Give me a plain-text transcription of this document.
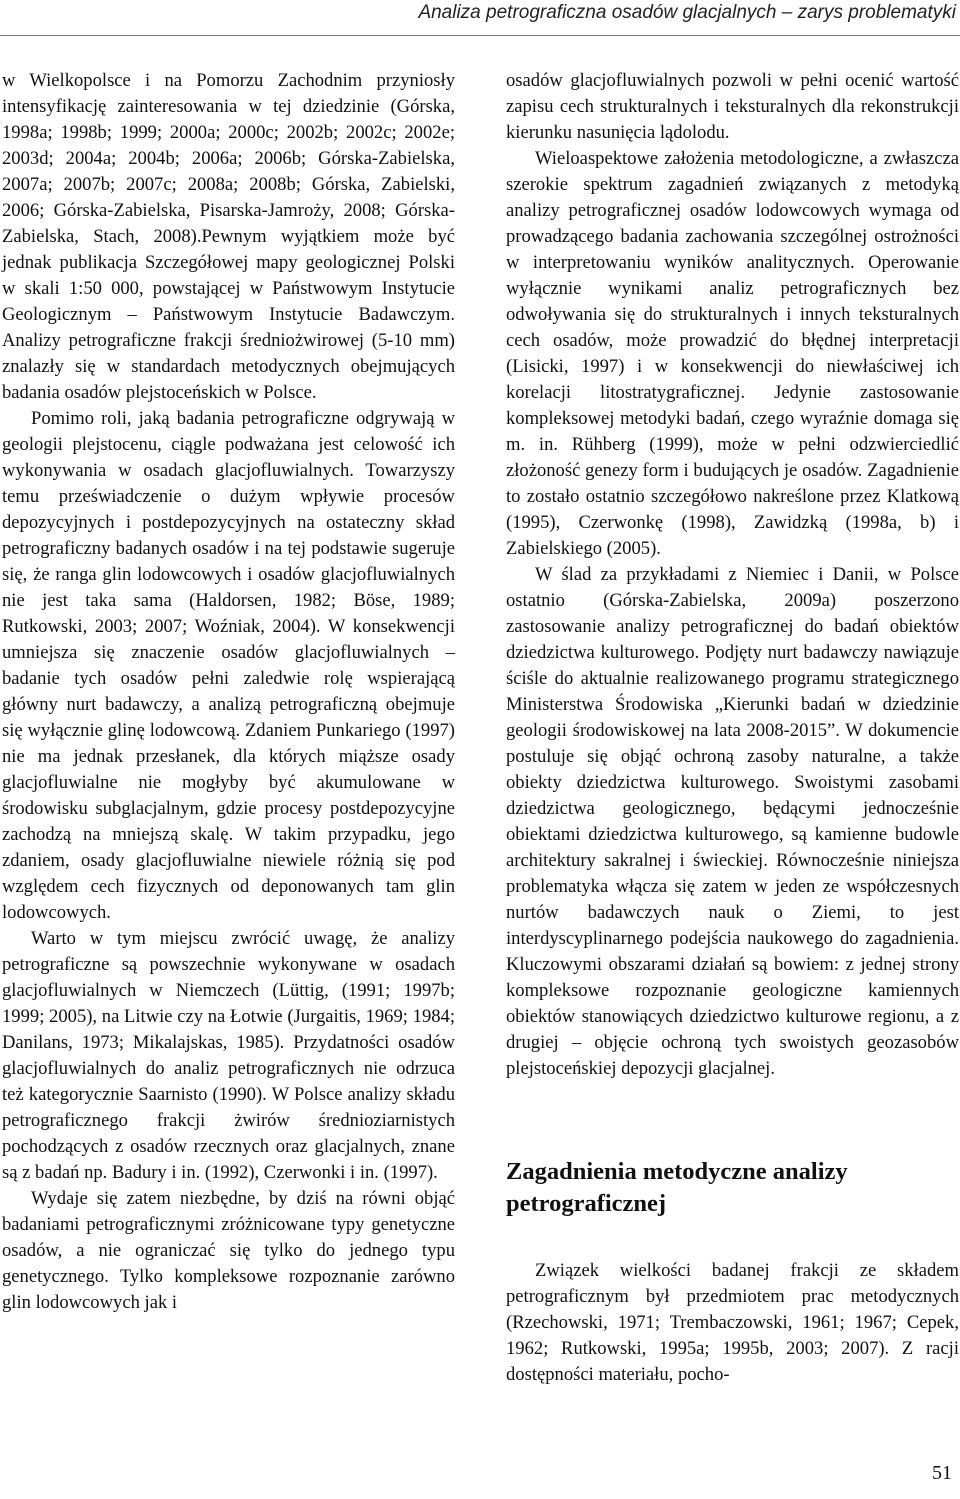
Analiza petrograficzna osadów glacjalnych – zarys problematyki

w Wielkopolsce i na Pomorzu Zachodnim przyniosły intensyfikację zainteresowania w tej dziedzinie (Górska, 1998a; 1998b; 1999; 2000a; 2000c; 2002b; 2002c; 2002e; 2003d; 2004a; 2004b; 2006a; 2006b; Górska-Zabielska, 2007a; 2007b; 2007c; 2008a; 2008b; Górska, Zabielski, 2006; Górska-Zabielska, Pisarska-Jamroży, 2008; Górska-Zabielska, Stach, 2008).Pewnym wyjątkiem może być jednak publikacja Szczegółowej mapy geologicznej Polski w skali 1:50 000, powstającej w Państwowym Instytucie Geologicznym – Państwowym Instytucie Badawczym. Analizy petrograficzne frakcji średniożwirowej (5-10 mm) znalazły się w standardach metodycznych obejmujących badania osadów plejstoceńskich w Polsce.

Pomimo roli, jaką badania petrograficzne odgrywają w geologii plejstocenu, ciągle podważana jest celowość ich wykonywania w osadach glacjofluwialnych. Towarzyszy temu przeświadczenie o dużym wpływie procesów depozycyjnych i postdepozycyjnych na ostateczny skład petrograficzny badanych osadów i na tej podstawie sugeruje się, że ranga glin lodowcowych i osadów glacjofluwialnych nie jest taka sama (Haldorsen, 1982; Böse, 1989; Rutkowski, 2003; 2007; Woźniak, 2004). W konsekwencji umniejsza się znaczenie osadów glacjofluwialnych – badanie tych osadów pełni zaledwie rolę wspierającą główny nurt badawczy, a analizą petrograficzną obejmuje się wyłącznie glinę lodowcową. Zdaniem Punkariego (1997) nie ma jednak przesłanek, dla których miąższe osady glacjofluwialne nie mogłyby być akumulowane w środowisku subglacjalnym, gdzie procesy postdepozycyjne zachodzą na mniejszą skalę. W takim przypadku, jego zdaniem, osady glacjofluwialne niewiele różnią się pod względem cech fizycznych od deponowanych tam glin lodowcowych.

Warto w tym miejscu zwrócić uwagę, że analizy petrograficzne są powszechnie wykonywane w osadach glacjofluwialnych w Niemczech (Lüttig, (1991; 1997b; 1999; 2005), na Litwie czy na Łotwie (Jurgaitis, 1969; 1984; Danilans, 1973; Mikalajskas, 1985). Przydatności osadów glacjofluwialnych do analiz petrograficznych nie odrzuca też kategorycznie Saarnisto (1990). W Polsce analizy składu petrograficznego frakcji żwirów średnioziarnistych pochodzących z osadów rzecznych oraz glacjalnych, znane są z badań np. Badury i in. (1992), Czerwonki i in. (1997).

Wydaje się zatem niezbędne, by dziś na równi objąć badaniami petrograficznymi zróżnicowane typy genetyczne osadów, a nie ograniczać się tylko do jednego typu genetycznego. Tylko kompleksowe rozpoznanie zarówno glin lodowcowych jak i

osadów glacjofluwialnych pozwoli w pełni ocenić wartość zapisu cech strukturalnych i teksturalnych dla rekonstrukcji kierunku nasunięcia lądolodu.

Wieloaspektowe założenia metodologiczne, a zwłaszcza szerokie spektrum zagadnień związanych z metodyką analizy petrograficznej osadów lodowcowych wymaga od prowadzącego badania zachowania szczególnej ostrożności w interpretowaniu wyników analitycznych. Operowanie wyłącznie wynikami analiz petrograficznych bez odwoływania się do strukturalnych i innych teksturalnych cech osadów, może prowadzić do błędnej interpretacji (Lisicki, 1997) i w konsekwencji do niewłaściwej ich korelacji litostratygraficznej. Jedynie zastosowanie kompleksowej metodyki badań, czego wyraźnie domaga się m. in. Rühberg (1999), może w pełni odzwierciedlić złożoność genezy form i budujących je osadów. Zagadnienie to zostało ostatnio szczegółowo nakreślone przez Klatkową (1995), Czerwonkę (1998), Zawidzką (1998a, b) i Zabielskiego (2005).

W ślad za przykładami z Niemiec i Danii, w Polsce ostatnio (Górska-Zabielska, 2009a) poszerzono zastosowanie analizy petrograficznej do badań obiektów dziedzictwa kulturowego. Podjęty nurt badawczy nawiązuje ściśle do aktualnie realizowanego programu strategicznego Ministerstwa Środowiska „Kierunki badań w dziedzinie geologii środowiskowej na lata 2008-2015”. W dokumencie postuluje się objąć ochroną zasoby naturalne, a także obiekty dziedzictwa kulturowego. Swoistymi zasobami dziedzictwa geologicznego, będącymi jednocześnie obiektami dziedzictwa kulturowego, są kamienne budowle architektury sakralnej i świeckiej. Równocześnie niniejsza problematyka włącza się zatem w jeden ze współczesnych nurtów badawczych nauk o Ziemi, to jest interdyscyplinarnego podejścia naukowego do zagadnienia. Kluczowymi obszarami działań są bowiem: z jednej strony kompleksowe rozpoznanie geologiczne kamiennych obiektów stanowiących dziedzictwo kulturowe regionu, a z drugiej – objęcie ochroną tych swoistych geozasobów plejstoceńskiej depozycji glacjalnej.

Zagadnienia metodyczne analizy petrograficznej

Związek wielkości badanej frakcji ze składem petrograficznym był przedmiotem prac metodycznych (Rzechowski, 1971; Trembaczowski, 1961; 1967; Cepek, 1962; Rutkowski, 1995a; 1995b, 2003; 2007). Z racji dostępności materiału, pocho-

51
